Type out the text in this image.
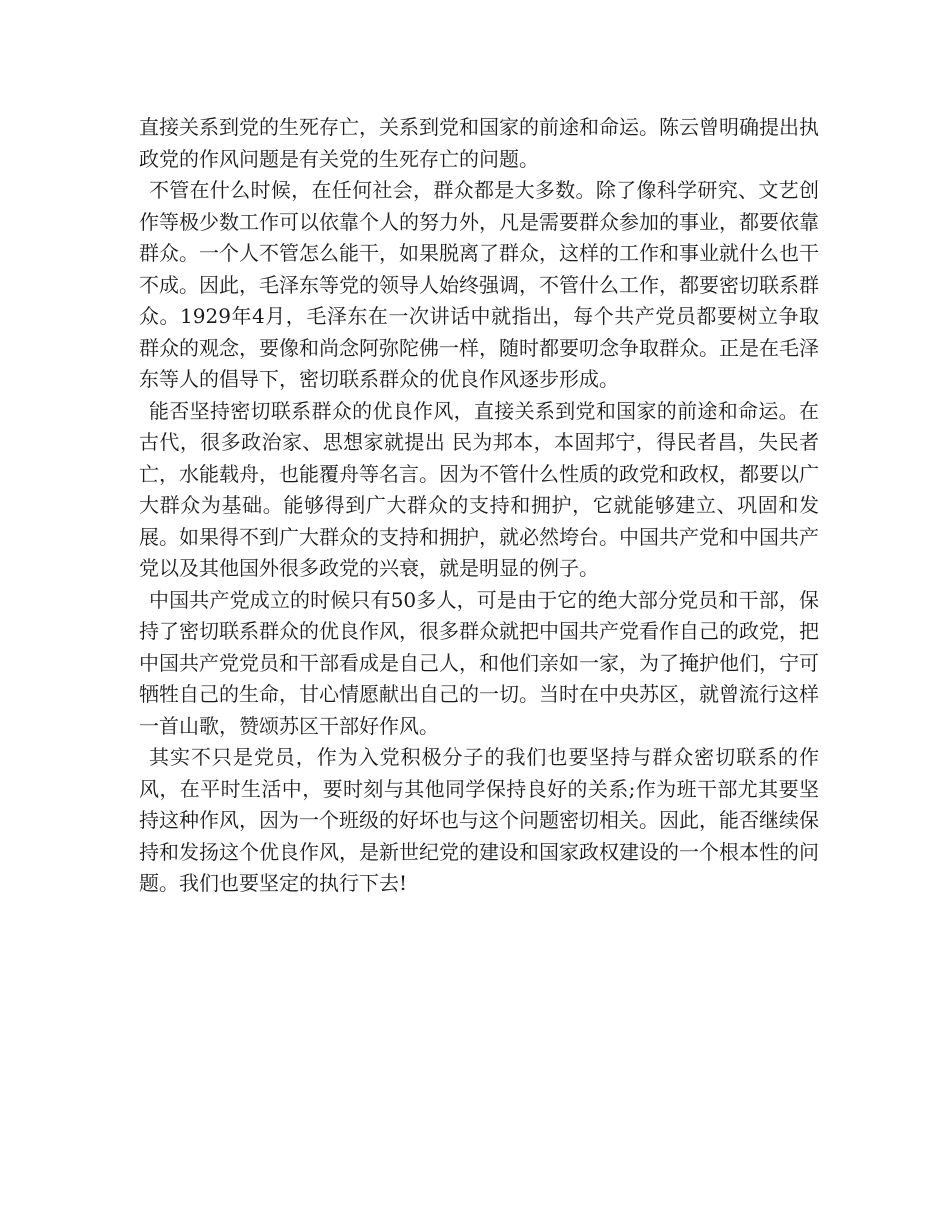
直接关系到党的生死存亡，关系到党和国家的前途和命运。陈云曾明确提出执政党的作风问题是有关党的生死存亡的问题。

不管在什么时候，在任何社会，群众都是大多数。除了像科学研究、文艺创作等极少数工作可以依靠个人的努力外，凡是需要群众参加的事业，都要依靠群众。一个人不管怎么能干，如果脱离了群众，这样的工作和事业就什么也干不成。因此，毛泽东等党的领导人始终强调，不管什么工作，都要密切联系群众。1929年4月，毛泽东在一次讲话中就指出，每个共产党员都要树立争取群众的观念，要像和尚念阿弥陀佛一样，随时都要叨念争取群众。正是在毛泽东等人的倡导下，密切联系群众的优良作风逐步形成。

能否坚持密切联系群众的优良作风，直接关系到党和国家的前途和命运。在古代，很多政治家、思想家就提出 民为邦本，本固邦宁，得民者昌，失民者亡，水能载舟，也能覆舟等名言。因为不管什么性质的政党和政权，都要以广大群众为基础。能够得到广大群众的支持和拥护，它就能够建立、巩固和发展。如果得不到广大群众的支持和拥护，就必然垮台。中国共产党和中国共产党以及其他国外很多政党的兴衰，就是明显的例子。

中国共产党成立的时候只有50多人，可是由于它的绝大部分党员和干部，保持了密切联系群众的优良作风，很多群众就把中国共产党看作自己的政党，把中国共产党党员和干部看成是自己人，和他们亲如一家，为了掩护他们，宁可牺牲自己的生命，甘心情愿献出自己的一切。当时在中央苏区，就曾流行这样一首山歌，赞颂苏区干部好作风。

其实不只是党员，作为入党积极分子的我们也要坚持与群众密切联系的作风，在平时生活中，要时刻与其他同学保持良好的关系;作为班干部尤其要坚持这种作风，因为一个班级的好坏也与这个问题密切相关。因此，能否继续保持和发扬这个优良作风，是新世纪党的建设和国家政权建设的一个根本性的问题。我们也要坚定的执行下去!
